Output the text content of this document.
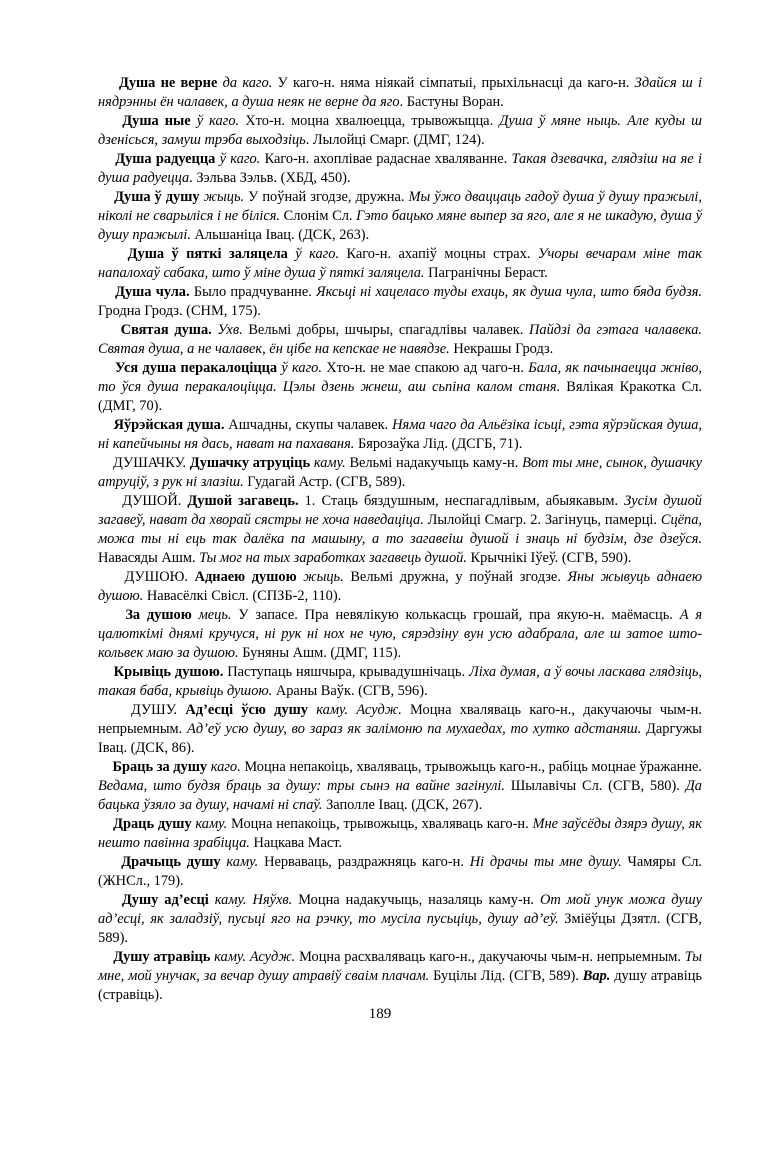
Душа не верне да каго. У каго-н. няма ніякай сімпатыі, прыхільнасці да каго-н. Здайся ш і нядрэнны ён чалавек, а душа неяк не верне да яго. Бастуны Воран.

Душа ные ў каго. Хто-н. моцна хвалюецца, трывожыцца. Душа ў мяне ныць. Але куды ш дзенісься, замуш трэба выходзіць. Лылойці Смарг. (ДМГ, 124).

Душа радуецца ў каго. Каго-н. ахоплівае радаснае хваляванне. Такая дзевачка, глядзіш на яе і душа радуецца. Зэльва Зэльв. (ХБД, 450).

Душа ў душу жыць. У поўнай згодзе, дружна. Мы ўжо дваццаць гадоў душа ў душу пражылі, ніколі не сварыліся і не біліся. Слонім Сл. Гэто бацько мяне выпер за яго, але я не шкадую, душа ў душу пражылі. Альшаніца Івац. (ДСК, 263).

Душа ў пяткі заляцела ў каго. Каго-н. ахапіў моцны страх. Учоры вечарам міне так напалохаў сабака, што ў міне душа ў пяткі заляцела. Пагранічны Бераст.

Душа чула. Было прадчуванне. Яксьці ні хацеласо туды ехаць, як душа чула, што бяда будзя. Гродна Гродз. (СНМ, 175).

Святая душа. Ухв. Вельмі добры, шчыры, спагадлівы чалавек. Пайдзі да гэтага чалавека. Святая душа, а не чалавек, ён цібе на кепскае не навядзе. Некрашы Гродз.

Уся душа перакалоціцца ў каго. Хто-н. не мае спакою ад чаго-н. Бала, як пачынаецца жніво, то ўся душа перакалоціцца. Цэлы дзень жнеш, аш сьпіна калом станя. Вялікая Кракотка Сл. (ДМГ, 70).

Яўрэйская душа. Ашчадны, скупы чалавек. Няма чаго да Альёзіка ісьці, гэта яўрэйская душа, ні капейчыны ня дась, нават на пахаваня. Бярозаўка Лід. (ДСГБ, 71).

ДУШАЧКУ. Душачку атруціць каму. Вельмі надакучыць каму-н. Вот ты мне, сынок, душачку атруціў, з рук ні злазіш. Гудагай Астр. (СГВ, 589).

ДУШОЙ. Душой загавець. 1. Стаць бяздушным, неспагадлівым, абыякавым. Зусім душой загавеў, нават да хворай сястры не хоча наведаціца. Лылойці Смагр. 2. Загінуць, памерці. Сцёпа, можа ты ні ець так далёка па машыну, а то загавеіш душой і знаць ні будзім, дзе дзеўся. Навасяды Ашм. Ты мог на тых заработках загавець душой. Крычнікі Іўеў. (СГВ, 590).

ДУШОЮ. Аднаею душою жыць. Вельмі дружна, у поўнай згодзе. Яны жывуць аднаею душою. Навасёлкі Свісл. (СПЗБ-2, 110).

За душою мець. У запасе. Пра невялікую колькасць грошай, пра якую-н. маёмасць. А я цалюткімі днямі кручуся, ні рук ні нох не чую, сярэдзіну вун усю адабрала, але ш затое што-кольвек маю за душою. Буняны Ашм. (ДМГ, 115).

Крывіць душою. Паступаць няшчыра, крывадушнічаць. Ліха думая, а ў вочы ласкава глядзіць, такая баба, крывіць душою. Араны Ваўк. (СГВ, 596).

ДУШУ. Ад’есці ўсю душу каму. Асудж. Моцна хваляваць каго-н., дакучаючы чым-н. непрыемным. Ад’еў усю душу, во зараз як залімоню па мухаедах, то хутко адстаняш. Даргужы Івац. (ДСК, 86).

Браць за душу каго. Моцна непакоіць, хваляваць, трывожыць каго-н., рабіць моцнае ўражанне. Ведама, што будзя браць за душу: тры сынэ на вайне загінулі. Шылавічы Сл. (СГВ, 580). Да бацька ўзяло за душу, начамі ні спаў. Заполле Івац. (ДСК, 267).

Драць душу каму. Моцна непакоіць, трывожыць, хваляваць каго-н. Мне заўсёды дзярэ душу, як нешто павінна зрабіцца. Нацкава Маст.

Драчыць душу каму. Нерваваць, раздражняць каго-н. Ні драчы ты мне душу. Чамяры Сл. (ЖНСл., 179).

Душу ад’есці каму. Няўхв. Моцна надакучыць, назаляць каму-н. От мой унук можа душу ад’есці, як заладзіў, пусьці яго на рэчку, то мусіла пусьціць, душу ад’еў. Зміёўцы Дзятл. (СГВ, 589).

Душу атравіць каму. Асудж. Моцна расхваляваць каго-н., дакучаючы чым-н. непрыемным. Ты мне, мой унучак, за вечар душу атравіў сваім плачам. Буцілы Лід. (СГВ, 589). Вар. душу атравіць (стравіць).

189
